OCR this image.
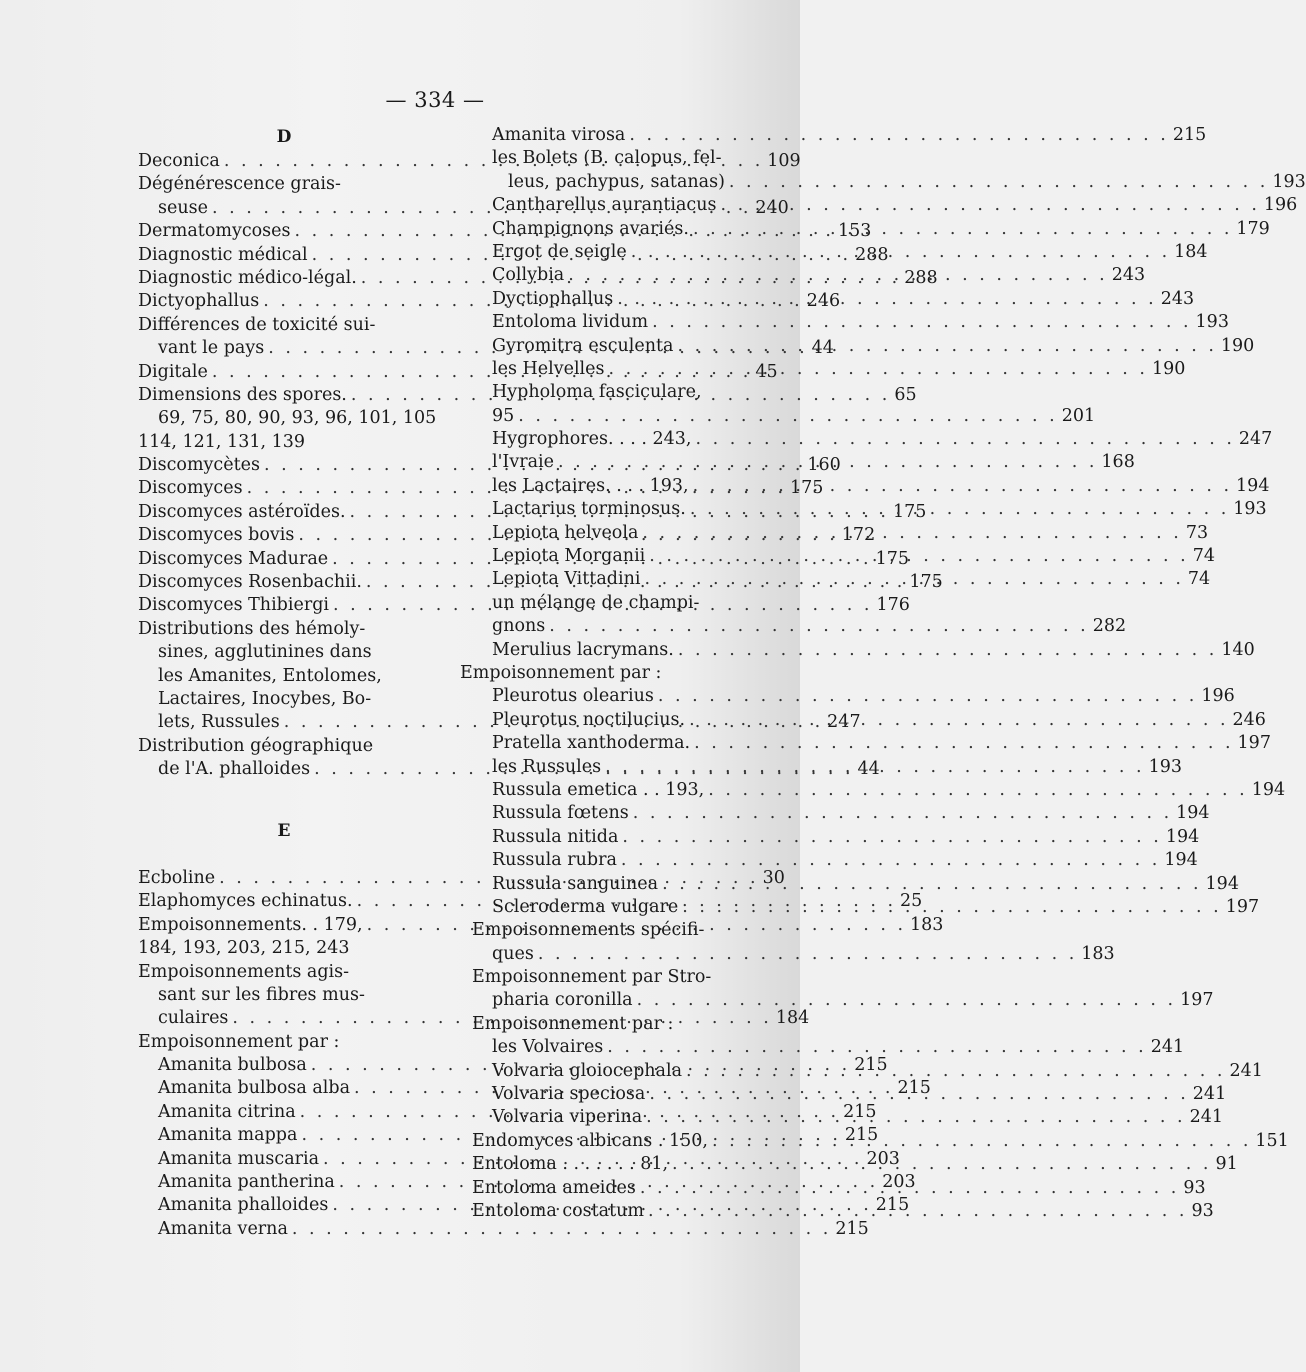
— 334 —
D
Deconica . . .	109
Dégénérescence grais-
seuse . . .	240
Dermatomycoses . . .	153
Diagnostic médical . . .	288
Diagnostic médico-légal. . . .	288
Dictyophallus . . .	246
Différences de toxicité sui-
vant le pays . . .	44
Digitale . . .	45
Dimensions des spores. . . .	65
69, 75, 80, 90, 93, 96, 101, 105
114, 121, 131, 139
Discomycètes . . .	160
Discomyces . . .	175
Discomyces astéroïdes. . . .	175
Discomyces bovis . . .	172
Discomyces Madurae . . .	175
Discomyces Rosenbachii. . . .	175
Discomyces Thibiergi . . .	176
Distributions des hémoly-
sines, agglutinines dans
les Amanites, Entolomes,
Lactaires, Inocybes, Bo-
lets, Russules . . .	247
Distribution géographique
de l'A. phalloides . . .	44
E
Ecboline . . .	30
Elaphomyces echinatus. . . .	25
Empoisonnements. . 179, . . .	183
184, 193, 203, 215, 243
Empoisonnements agis-
sant sur les fibres mus-
culaires . . .	184
Empoisonnement par :
Amanita bulbosa . . .	215
Amanita bulbosa alba . . .	215
Amanita citrina . . .	215
Amanita mappa . . .	215
Amanita muscaria . . .	203
Amanita pantherina . . .	203
Amanita phalloides . . .	215
Amanita verna . . .	215
Amanita virosa . . .	215
les Bolets (B. calopus, fel-
leus, pachypus, satanas) . . .	193
Cantharellus aurantiacus . . .	196
Champignons avariés. . . .	179
Ergot de seigle . . .	184
Collybia . . .	243
Dyctiophallus . . .	243
Entoloma lividum . . .	193
Gyromitra esculenta . . .	190
les Helvelles . . .	190
Hypholoma fasciculare,
95 . . .	201
Hygrophores. . . . 243, . . .	247
l'Ivraie . . .	168
les Lactaires. . . . 193, . . .	194
Lactarius torminosus. . . .	193
Lepiota helveola . . .	73
Lepiota Morganii . . .	74
Lepiota Vittadini . . .	74
un mélange de champi-
gnons . . .	282
Merulius lacrymans. . . .	140
Empoisonnement par :
Pleurotus olearius . . .	196
Pleurotus noctilucius. . . .	246
Pratella xanthoderma. . . .	197
les Russules . . .	193
Russula emetica . . 193, . . .	194
Russula fœtens . . .	194
Russula nitida . . .	194
Russula rubra . . .	194
Russula sanguinea . . .	194
Scleroderma vulgare . . .	197
Empoisonnements spécifi-
ques . . .	183
Empoisonnement par Stro-
pharia coronilla . . .	197
Empoisonnement par :
les Volvaires . . .	241
Volvaria gloiocephala . . .	241
Volvaria speciosa . . .	241
Volvaria viperina . . .	241
Endomyces albicans . 150, . . .	151
Entoloma . . . . . . . 81, . . .	91
Entoloma ameides . . .	93
Entoloma costatum . . .	93
